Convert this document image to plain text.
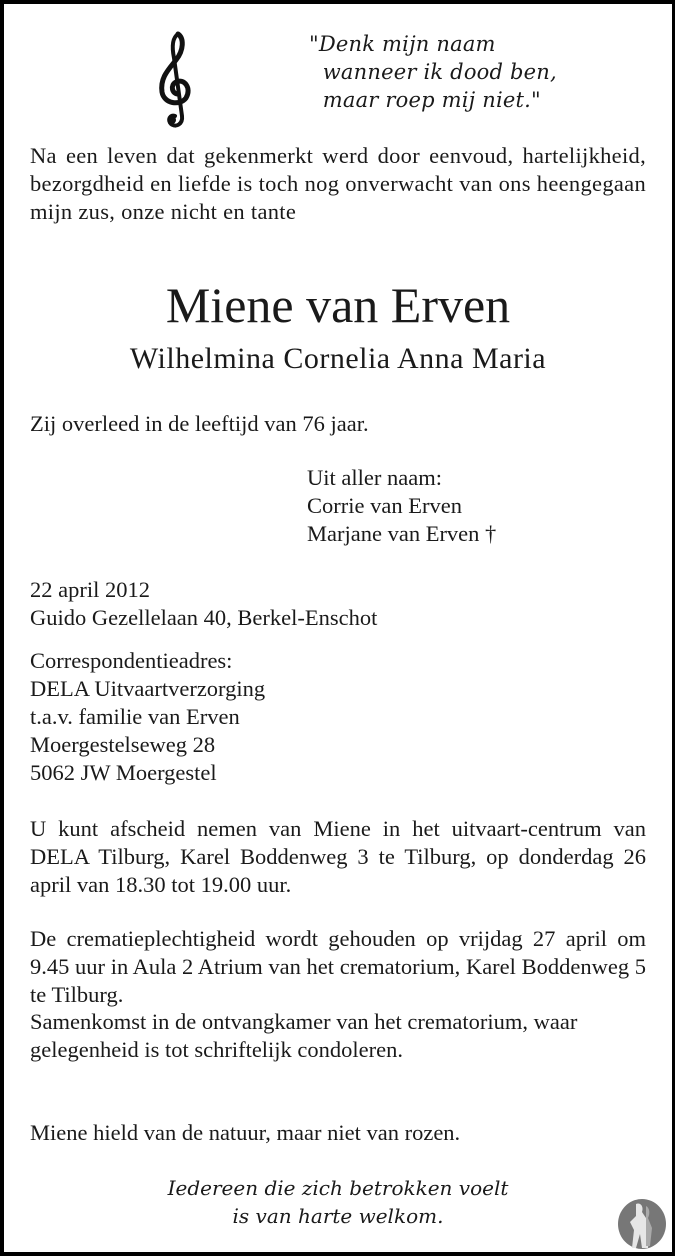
"Denk mijn naam
wanneer ik dood ben,
maar roep mij niet."
Na een leven dat gekenmerkt werd door eenvoud, hartelijkheid, bezorgdheid en liefde is toch nog onverwacht van ons heengegaan mijn zus, onze nicht en tante
Miene van Erven
Wilhelmina Cornelia Anna Maria
Zij overleed in de leeftijd van 76 jaar.
Uit aller naam:
Corrie van Erven
Marjane van Erven †
22 april 2012
Guido Gezellelaan 40, Berkel-Enschot
Correspondentieadres:
DELA Uitvaartverzorging
t.a.v. familie van Erven
Moergestelseweg 28
5062 JW Moergestel
U kunt afscheid nemen van Miene in het uitvaart-centrum van DELA Tilburg, Karel Boddenweg 3 te Tilburg, op donderdag 26 april van 18.30 tot 19.00 uur.
De crematieplechtigheid wordt gehouden op vrijdag 27 april om 9.45 uur in Aula 2 Atrium van het crematorium, Karel Boddenweg 5 te Tilburg.
Samenkomst in de ontvangkamer van het crematorium, waar gelegenheid is tot schriftelijk condoleren.
Miene hield van de natuur, maar niet van rozen.
Iedereen die zich betrokken voelt
is van harte welkom.
